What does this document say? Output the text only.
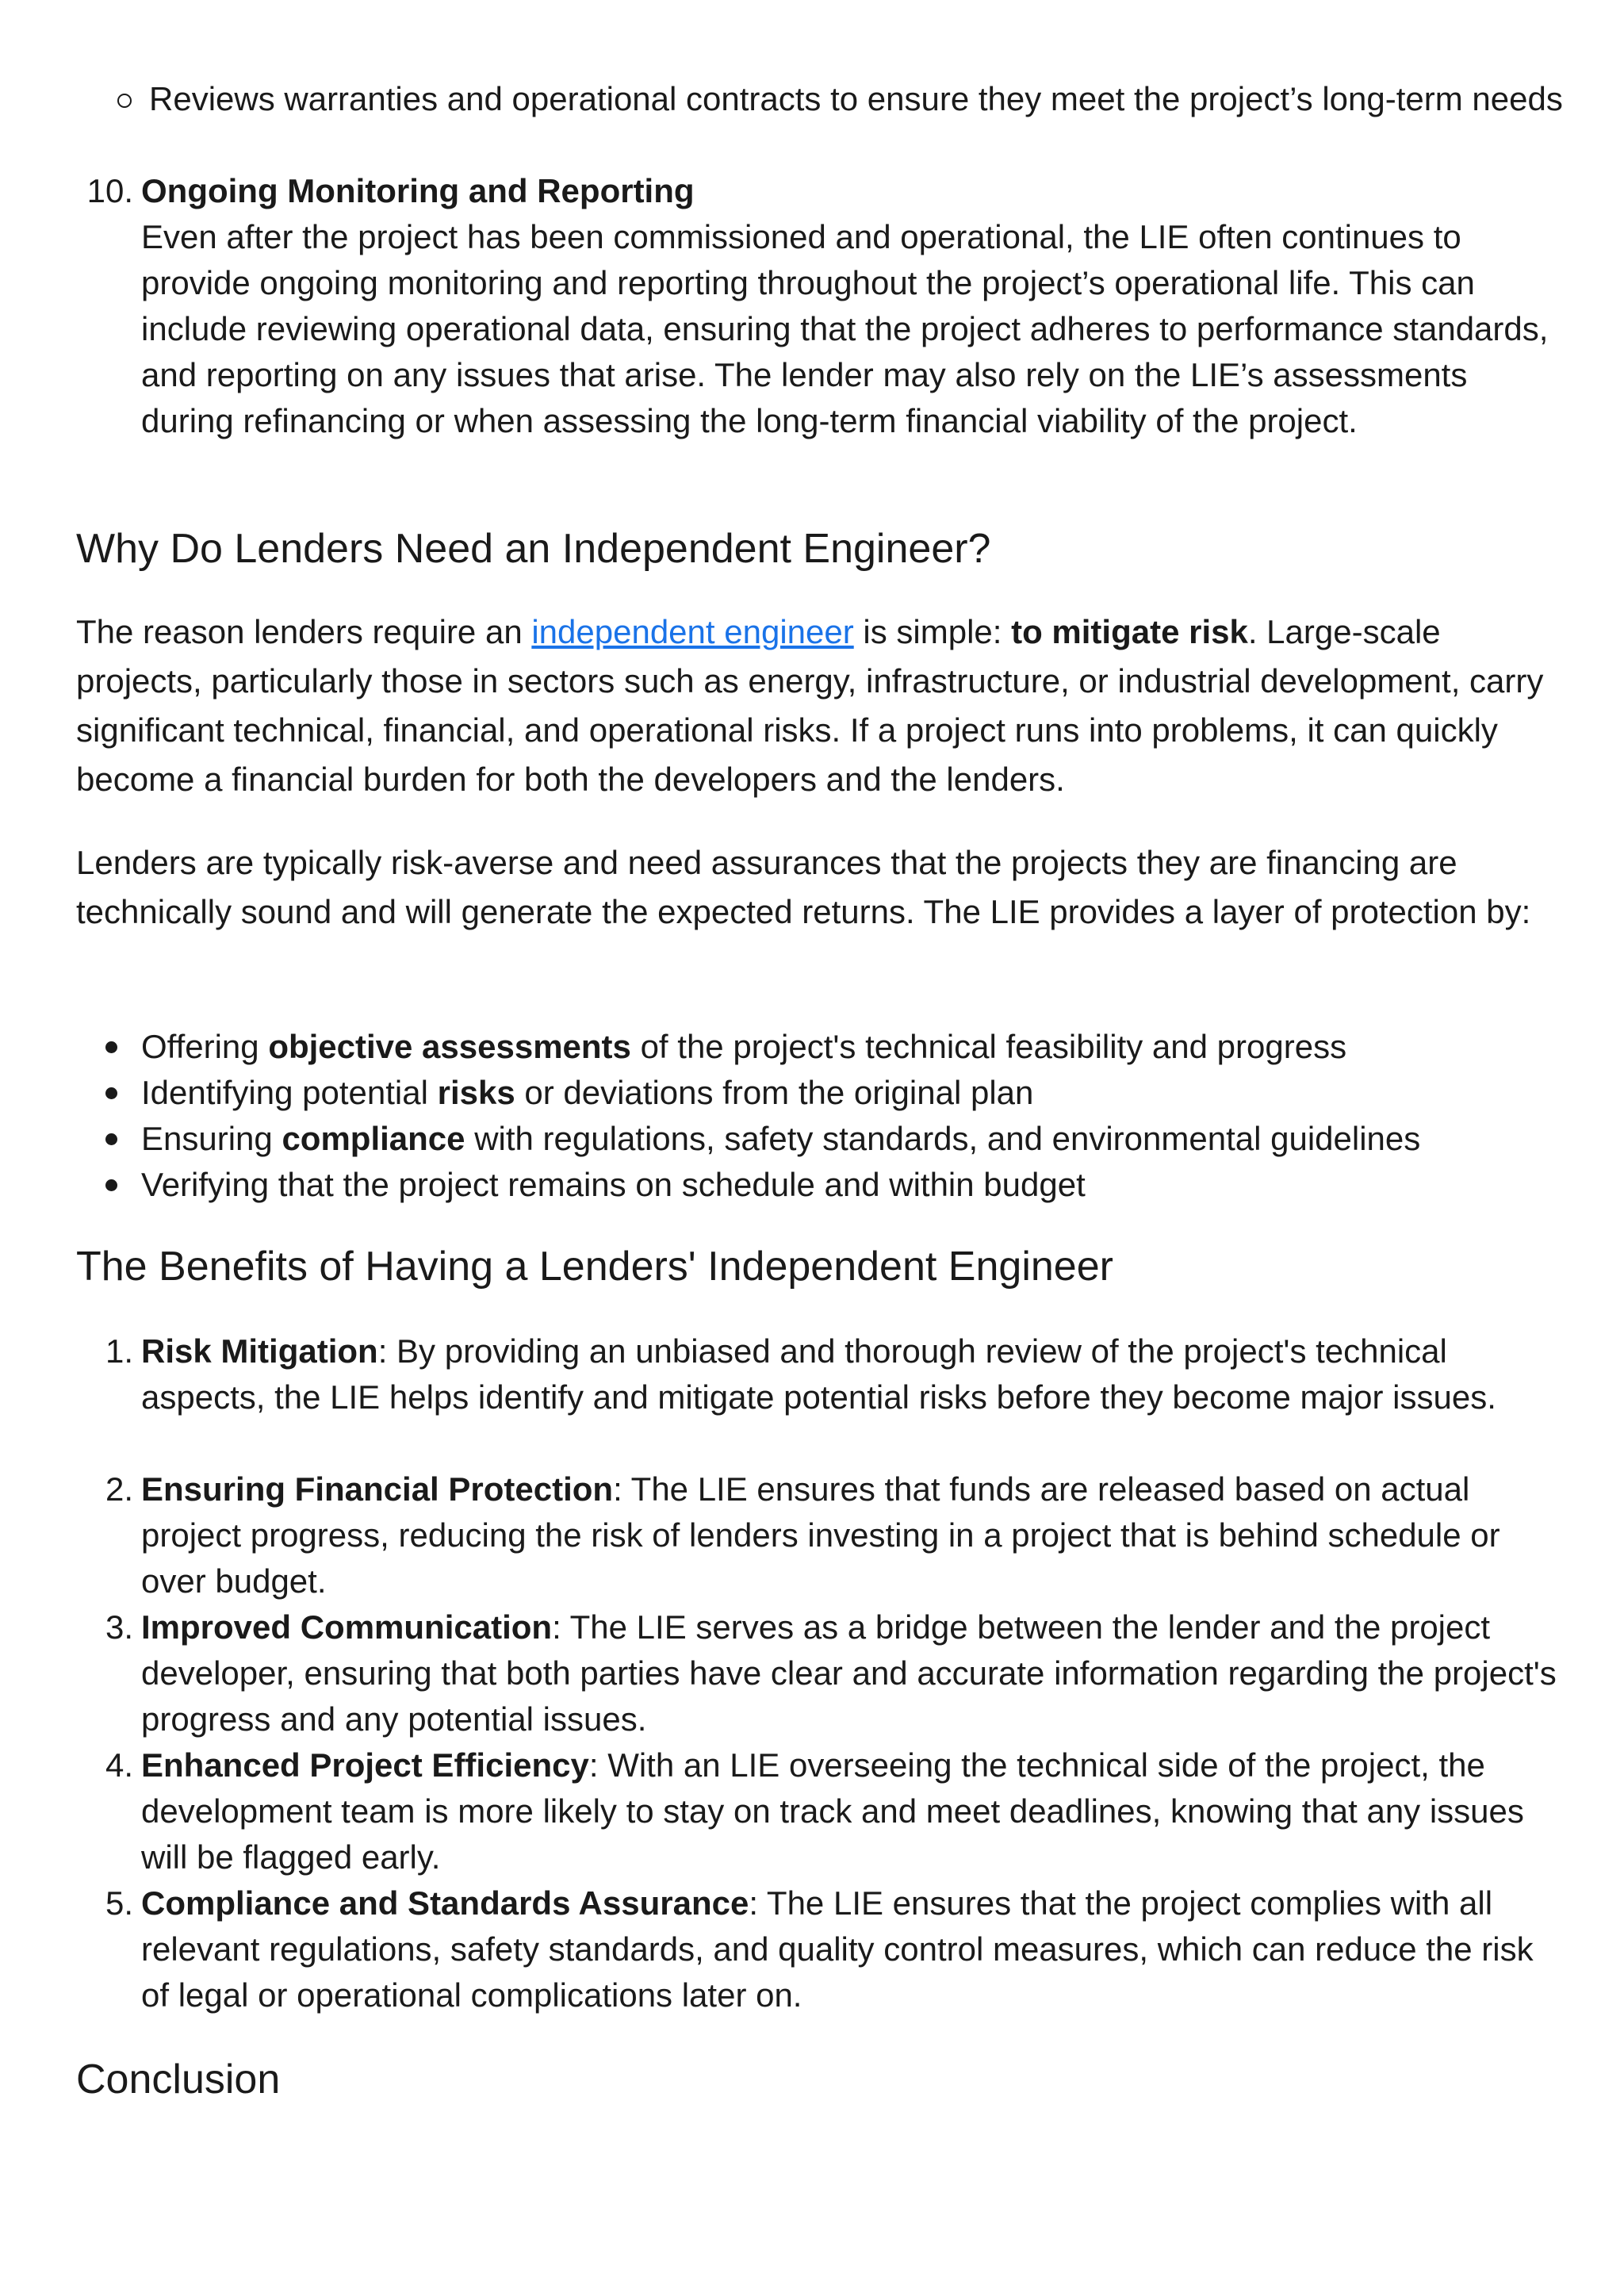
Reviews warranties and operational contracts to ensure they meet the project’s long-term needs
10. Ongoing Monitoring and Reporting
Even after the project has been commissioned and operational, the LIE often continues to provide ongoing monitoring and reporting throughout the project’s operational life. This can include reviewing operational data, ensuring that the project adheres to performance standards, and reporting on any issues that arise. The lender may also rely on the LIE’s assessments during refinancing or when assessing the long-term financial viability of the project.
Why Do Lenders Need an Independent Engineer?

The reason lenders require an independent engineer is simple: to mitigate risk. Large-scale projects, particularly those in sectors such as energy, infrastructure, or industrial development, carry significant technical, financial, and operational risks. If a project runs into problems, it can quickly become a financial burden for both the developers and the lenders.

Lenders are typically risk-averse and need assurances that the projects they are financing are technically sound and will generate the expected returns. The LIE provides a layer of protection by:

Offering objective assessments of the project's technical feasibility and progress
Identifying potential risks or deviations from the original plan
Ensuring compliance with regulations, safety standards, and environmental guidelines
Verifying that the project remains on schedule and within budget
The Benefits of Having a Lenders' Independent Engineer
1. Risk Mitigation: By providing an unbiased and thorough review of the project's technical aspects, the LIE helps identify and mitigate potential risks before they become major issues.
2. Ensuring Financial Protection: The LIE ensures that funds are released based on actual project progress, reducing the risk of lenders investing in a project that is behind schedule or over budget.
3. Improved Communication: The LIE serves as a bridge between the lender and the project developer, ensuring that both parties have clear and accurate information regarding the project's progress and any potential issues.
4. Enhanced Project Efficiency: With an LIE overseeing the technical side of the project, the development team is more likely to stay on track and meet deadlines, knowing that any issues will be flagged early.
5. Compliance and Standards Assurance: The LIE ensures that the project complies with all relevant regulations, safety standards, and quality control measures, which can reduce the risk of legal or operational complications later on.
Conclusion
